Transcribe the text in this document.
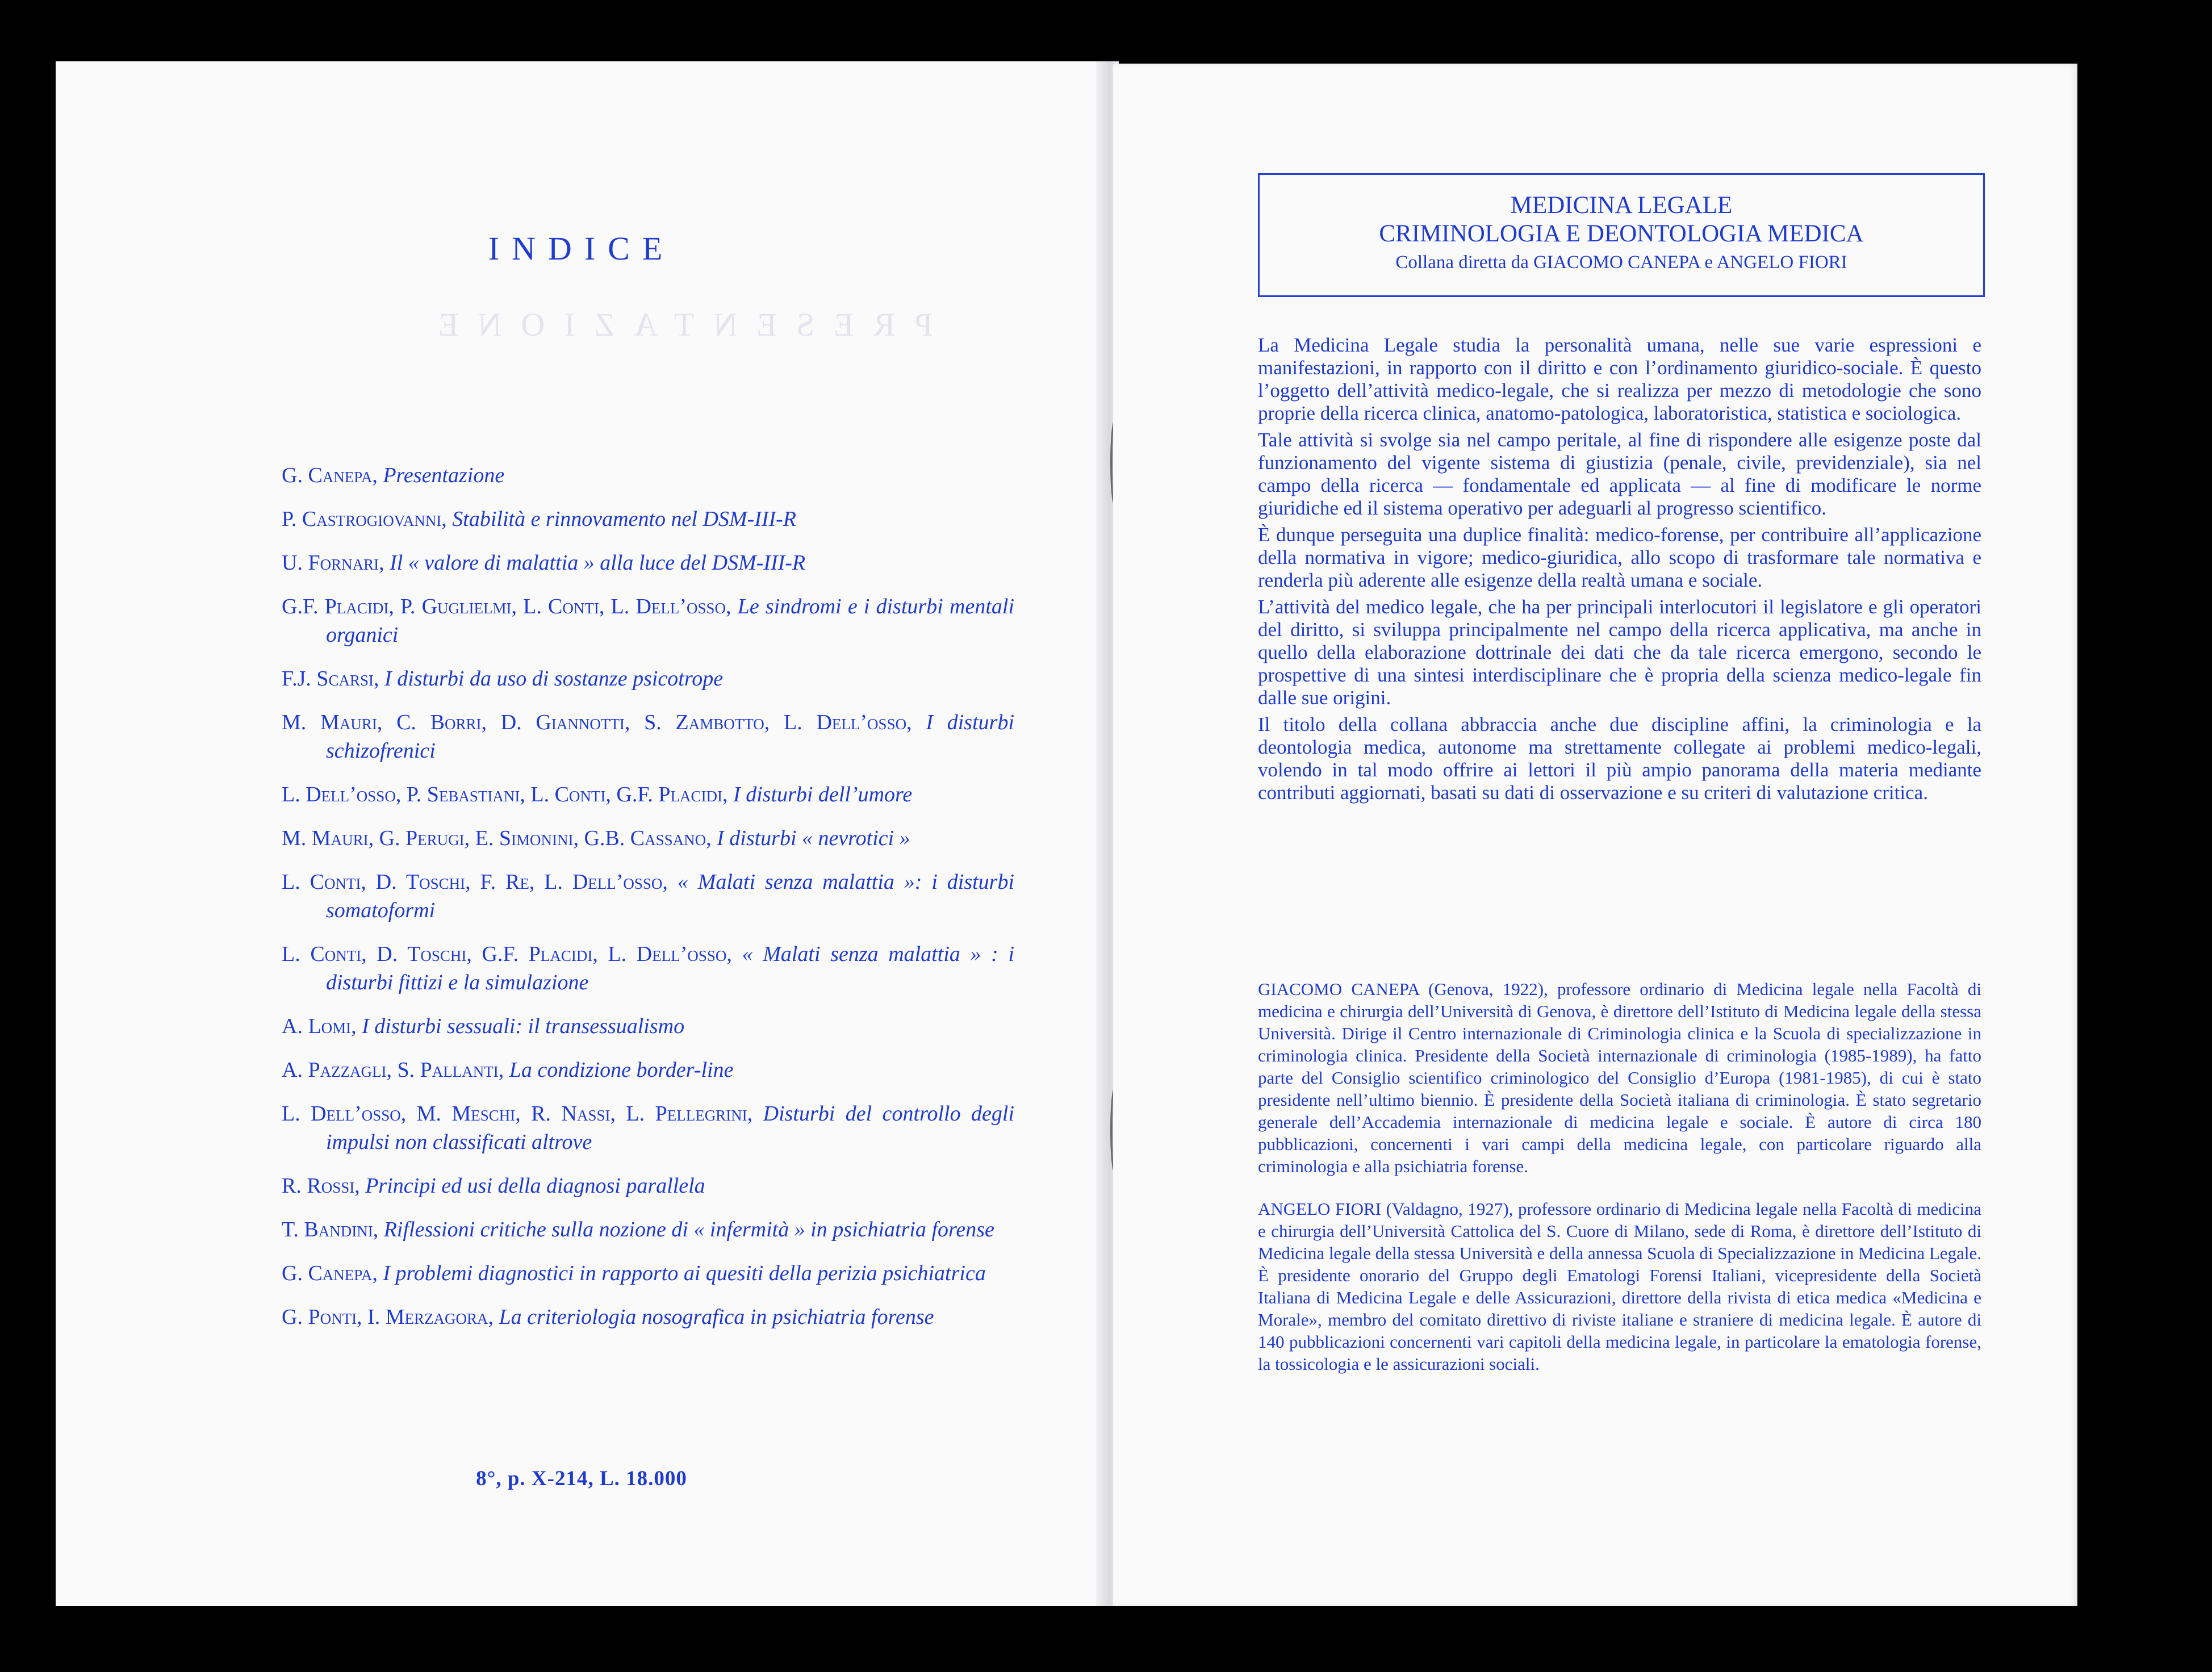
PRESENTAZIONE
INDICE
G. Canepa, Presentazione
P. Castrogiovanni, Stabilità e rinnovamento nel DSM-III-R
U. Fornari, Il « valore di malattia » alla luce del DSM-III-R
G.F. Placidi, P. Guglielmi, L. Conti, L. Dell’osso, Le sindromi e i disturbi mentali organici
F.J. Scarsi, I disturbi da uso di sostanze psicotrope
M. Mauri, C. Borri, D. Giannotti, S. Zambotto, L. Dell’osso, I disturbi schizofrenici
L. Dell’osso, P. Sebastiani, L. Conti, G.F. Placidi, I disturbi dell’umore
M. Mauri, G. Perugi, E. Simonini, G.B. Cassano, I disturbi « nevrotici »
L. Conti, D. Toschi, F. Re, L. Dell’osso, « Malati senza malattia »: i disturbi somatoformi
L. Conti, D. Toschi, G.F. Placidi, L. Dell’osso, « Malati senza malattia » : i disturbi fittizi e la simulazione
A. Lomi, I disturbi sessuali: il transessualismo
A. Pazzagli, S. Pallanti, La condizione border-line
L. Dell’osso, M. Meschi, R. Nassi, L. Pellegrini, Disturbi del controllo degli impulsi non classificati altrove
R. Rossi, Principi ed usi della diagnosi parallela
T. Bandini, Riflessioni critiche sulla nozione di « infermità » in psichiatria forense
G. Canepa, I problemi diagnostici in rapporto ai quesiti della perizia psichiatrica
G. Ponti, I. Merzagora, La criteriologia nosografica in psichiatria forense
8°, p. X-214, L. 18.000
MEDICINA LEGALE
CRIMINOLOGIA E DEONTOLOGIA MEDICA
Collana diretta da GIACOMO CANEPA e ANGELO FIORI

La Medicina Legale studia la personalità umana, nelle sue varie espressioni e manifestazioni, in rapporto con il diritto e con l’ordinamento giuridico-sociale. È questo l’oggetto dell’attività medico-legale, che si realizza per mezzo di metodologie che sono proprie della ricerca clinica, anatomo-patologica, laboratoristica, statistica e sociologica.

Tale attività si svolge sia nel campo peritale, al fine di rispondere alle esigenze poste dal funzionamento del vigente sistema di giustizia (penale, civile, previdenziale), sia nel campo della ricerca — fondamentale ed applicata — al fine di modificare le norme giuridiche ed il sistema operativo per adeguarli al progresso scientifico.

È dunque perseguita una duplice finalità: medico-forense, per contribuire all’applicazione della normativa in vigore; medico-giuridica, allo scopo di trasformare tale normativa e renderla più aderente alle esigenze della realtà umana e sociale.

L’attività del medico legale, che ha per principali interlocutori il legislatore e gli operatori del diritto, si sviluppa principalmente nel campo della ricerca applicativa, ma anche in quello della elaborazione dottrinale dei dati che da tale ricerca emergono, secondo le prospettive di una sintesi interdisciplinare che è propria della scienza medico-legale fin dalle sue origini.

Il titolo della collana abbraccia anche due discipline affini, la criminologia e la deontologia medica, autonome ma strettamente collegate ai problemi medico-legali, volendo in tal modo offrire ai lettori il più ampio panorama della materia mediante contributi aggiornati, basati su dati di osservazione e su criteri di valutazione critica.

GIACOMO CANEPA (Genova, 1922), professore ordinario di Medicina legale nella Facoltà di medicina e chirurgia dell’Università di Genova, è direttore dell’Istituto di Medicina legale della stessa Università. Dirige il Centro internazionale di Criminologia clinica e la Scuola di specializzazione in criminologia clinica. Presidente della Società internazionale di criminologia (1985-1989), ha fatto parte del Consiglio scientifico criminologico del Consiglio d’Europa (1981-1985), di cui è stato presidente nell’ultimo biennio. È presidente della Società italiana di criminologia. È stato segretario generale dell’Accademia internazionale di medicina legale e sociale. È autore di circa 180 pubblicazioni, concernenti i vari campi della medicina legale, con particolare riguardo alla criminologia e alla psichiatria forense.

ANGELO FIORI (Valdagno, 1927), professore ordinario di Medicina legale nella Facoltà di medicina e chirurgia dell’Università Cattolica del S. Cuore di Milano, sede di Roma, è direttore dell’Istituto di Medicina legale della stessa Università e della annessa Scuola di Specializzazione in Medicina Legale. È presidente onorario del Gruppo degli Ematologi Forensi Italiani, vicepresidente della Società Italiana di Medicina Legale e delle Assicurazioni, direttore della rivista di etica medica «Medicina e Morale», membro del comitato direttivo di riviste italiane e straniere di medicina legale. È autore di 140 pubblicazioni concernenti vari capitoli della medicina legale, in particolare la ematologia forense, la tossicologia e le assicurazioni sociali.
